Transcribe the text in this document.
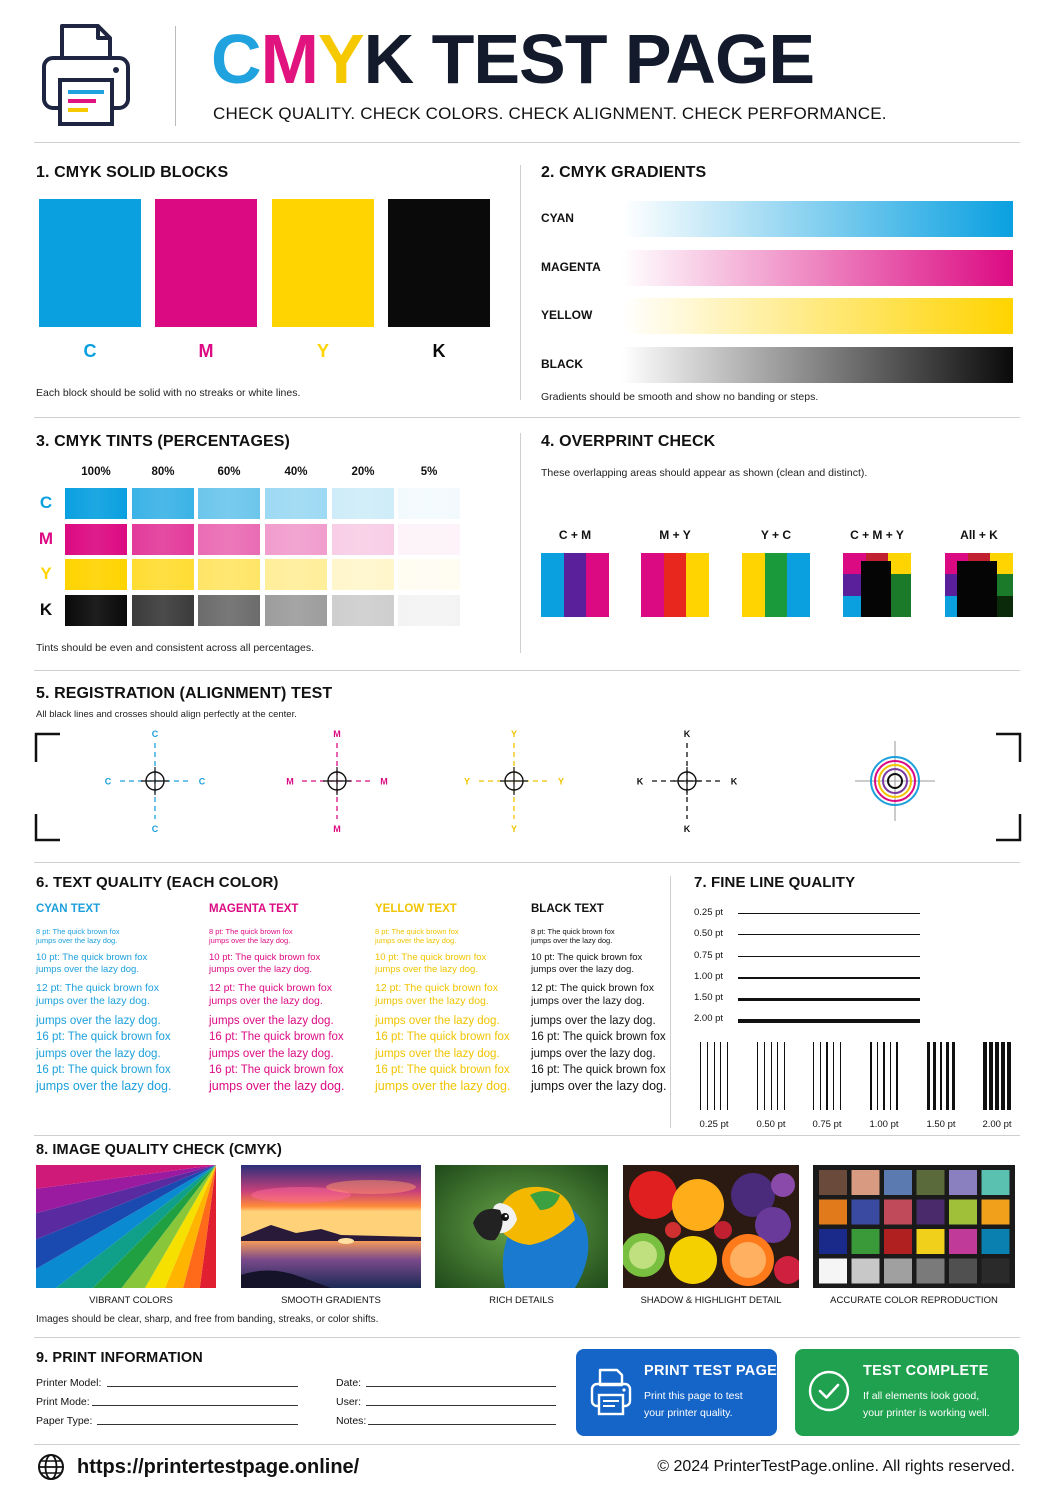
CMYK TEST PAGE
CHECK QUALITY. CHECK COLORS. CHECK ALIGNMENT. CHECK PERFORMANCE.
1. CMYK SOLID BLOCKS
C	M	Y	K
Each block should be solid with no streaks or white lines.
2. CMYK GRADIENTS
CYAN
MAGENTA
YELLOW
BLACK
Gradients should be smooth and show no banding or steps.
3. CMYK TINTS (PERCENTAGES)
100%	80%	60%	40%	20%	5%
C
M
Y
K
Tints should be even and consistent across all percentages.
4. OVERPRINT CHECK
These overlapping areas should appear as shown (clean and distinct).
C + M	M + Y	Y + C	C + M + Y	All + K
5. REGISTRATION (ALIGNMENT) TEST
All black lines and crosses should align perfectly at the center.
C
C
C	C
M
M
M	M
Y
Y
Y	Y
K
K
K	K
6. TEXT QUALITY (EACH COLOR)
CYAN TEXT
8 pt: The quick brown fox
jumps over the lazy dog.
10 pt: The quick brown fox
jumps over the lazy dog.
12 pt: The quick brown fox
jumps over the lazy dog.
jumps over the lazy dog.
16 pt: The quick brown fox
jumps over the lazy dog.
16 pt: The quick brown fox
jumps over the lazy dog.
MAGENTA TEXT
8 pt: The quick brown fox
jumps over the lazy dog.
10 pt: The quick brown fox
jumps over the lazy dog.
12 pt: The quick brown fox
jumps over the lazy dog.
jumps over the lazy dog.
16 pt: The quick brown fox
jumps over the lazy dog.
16 pt: The quick brown fox
jumps over the lazy dog.
YELLOW TEXT
8 pt: The quick brown fox
jumps over the lazy dog.
10 pt: The quick brown fox
jumps over the lazy dog.
12 pt: The quick brown fox
jumps over the lazy dog.
jumps over the lazy dog.
16 pt: The quick brown fox
jumps over the lazy dog.
16 pt: The quick brown fox
jumps over the lazy dog.
BLACK TEXT
8 pt: The quick brown fox
jumps over the lazy dog.
10 pt: The quick brown fox
jumps over the lazy dog.
12 pt: The quick brown fox
jumps over the lazy dog.
jumps over the lazy dog.
16 pt: The quick brown fox
jumps over the lazy dog.
16 pt: The quick brown fox
jumps over the lazy dog.
7. FINE LINE QUALITY
0.25 pt
0.50 pt
0.75 pt
1.00 pt
1.50 pt
2.00 pt
0.25 pt	0.50 pt	0.75 pt	1.00 pt	1.50 pt	2.00 pt
8. IMAGE QUALITY CHECK (CMYK)
VIBRANT COLORS	SMOOTH GRADIENTS	RICH DETAILS	SHADOW & HIGHLIGHT DETAIL	ACCURATE COLOR REPRODUCTION
Images should be clear, sharp, and free from banding, streaks, or color shifts.
9. PRINT INFORMATION
Printer Model:
Print Mode:
Paper Type:
Date:
User:
Notes:
PRINT TEST PAGE
Print this page to test
your printer quality.
TEST COMPLETE
If all elements look good,
your printer is working well.
https://printertestpage.online/	© 2024 PrinterTestPage.online. All rights reserved.
